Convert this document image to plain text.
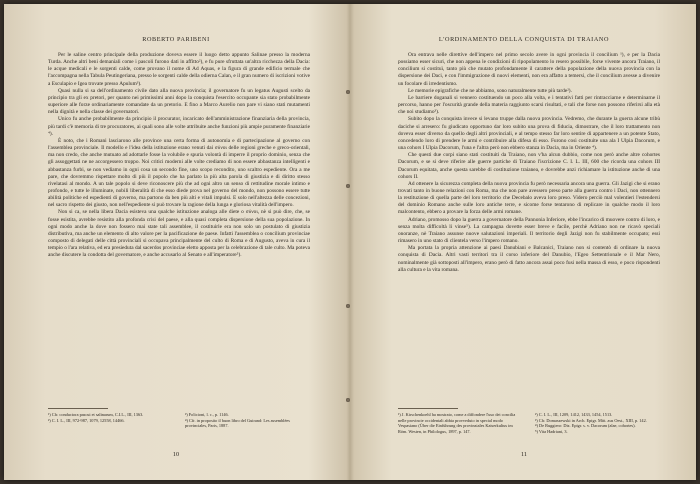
ROBERTO PARIBENI

Per le saline centro principale della produzione doveva essere il luogo detto appunto Salinae presso la moderna Turda. Anche altri beni demaniali come i pascoli furono dati in affitto²), e fu pure sfruttata un'altra ricchezza della Dacia: le acque medicali e le sorgenti calde, come provano il nome di Ad Aquas, e la figura di grande edificio termale che l'accompagna nella Tabula Peutingeriana, presso le sorgenti calde della odierna Calan, e il gran numero di iscrizioni votive a Esculapio e Igea trovate presso Apulum³).

Quasi nulla si sa dell'ordinamento civile dato alla nuova provincia; il governatore fu un legatus Augusti scelto da principio tra gli ex pretori, per quanto nei primissimi anni dopo la conquista l'esercito occupante sia stato probabilmente superiore alle forze ordinariamente comandate da un pretorio. E fino a Marco Aurelio non pare vi siano stati mutamenti nella dignità e nella classe dei governatori.

Unico fu anche probabilmente da principio il procurator, incaricato dell'amministrazione finanziaria della provincia, più tardi c'è memoria di tre procuratores, ai quali sono alle volte attribuite anche funzioni più ampie puramente finanziarie ⁴).

È noto, che i Romani lasciarono alle province una certa forma di autonomia e di partecipazione al governo con l'assemblea provinciale. Il modello e l'idea della istituzione erano venuti dai σύνοι delle regioni greche e greco-orientali, ma non credo, che anche mutuato ad adottarle fosse la volubile e spuria volontà di imperre il proprio dominio, senza che gli assoggettati ne ne accorgessero troppo. Noi critici moderni alle volte crediamo di non essere abbastanza intelligenti e abbastanza furbi, se non vediamo in ogni cosa un secondo fine, uno scopo recondito, uno scaltro espediente. Ora a me pare, che dovremmo rispettare molto di più il popolo che ha parlato la più alta parola di giustizia e di diritto stesso rivelatasi al mondo. A un tale popolo si deve riconoscere più che ad ogni altro un senso di rettitudine morale intimo e profondo, e tutte le illuminate, nobili liberalità di che esso diede prova nel governo del mondo, non possono essere tutte abilità politiche ed espedienti di governo, ma partono da ben più alti e vitali impulsi. E solo nell'altezza delle concezioni, nel sacro rispetto dei giusto, non nell'espediente si può trovare la ragione della lunga e gloriosa vitalità dell'impero.

Non si ca, se nella libera Dacia esisteva una qualche istituzione analoga alle diete o σύνοι, nè si può dire, che, se fosse esistita, avrebbe resistito alla profonda crisi del paese, e alla quasi completa dispersione della sua popolazione. In ogni modo anche la dove non fossero mai state tali assemblee, il costituirle era non solo un postulato di giustizia distributiva, ma anche un elemento di alto valore per la pacificazione de paese. Infatti l'assemblea o concilium provinciae composto di delegati delle città provinciali si occupava principalmente del culto di Roma e di Augusto, aveva in cura il tempio o l'ara relativa, ed era presieduta dal sacerdos provinciae eletto apposta per la celebrazione di tale culto. Ma poteva anche discutere la condotta del governatore, e anche accusarlo al Senato e all'imperatore⁵).

¹) Cfr. conductora pascui et salinarum, C.I.L., III, 1363.	³) Folicioni, l. c., p. 1146.
²) C. I. L., III, 972-987, 1079, 12558, 14466.	⁴) Cfr. in proposito il buon libro del Guirand: Les assemblées provinciales, Paris, 1887.
10
L'ORDINAMENTO DELLA CONQUISTA DI TRAIANO

Ora entrava nelle direttive dell'impero nel primo secolo avere in ogni provincia il concilium ¹), e per la Dacia possiamo esser sicuri, che non appena le condizioni di ripopolamento lo resero possibile, forse vivente ancora Traiano, il concilium si costituì, tanto più che mutato profondamente il carattere della popolazione della nuova provincia con la dispersione dei Daci, e con l'immigrazione di nuovi elementi, non era affatto a temersi, che il concilium avesse a divenire un focolare di irredentismo.

Le memorie epigrafiche che ne abbiamo, sono naturalmente tutte più tarde²).

Le barriere doganali si vennero costituendo un poco alla volta, e i tentativi fatti per rintracciarne e determinarne il percorso, hanno per l'oscurità grande della materia raggiunto scarsi risultati, e tali che forse non possono riferirsi alla età che noi studiamo³).

Subito dopo la conquista invece si levano truppe dalla nuova provincia. Vedremo, che durante la guerra alcune tribù daciche si arresero: fu giudicato opportuno dar loro subito una prova di fiducia, dimostrare, che il loro trattamento non doveva esser diverso da quello degli altri provinciali, e al tempo stesso far loro sentire di appartenere a un potente Stato, concedendo loro di prendere le armi e contribuire alla difesa di esso. Furono così costituite una ala I Ulpia Dacorum, e una cohors I Ulpia Dacorum, l'una e l'altra però non ebbero stanza in Dacia, ma in Oriente ⁴).

Che questi due corpi siano stati costituiti da Traiano, non v'ha alcun dubbio, come non però anche altre cohortes Dacorum, e se si deve riferire alle guerre partiche di Traiano l'iscrizione C. I. L. III, 600 che ricorda una cohors III Dacorum equitata, anche questa sarebbe di costituzione traianea, e dovrebbe anzi richiamare la istituzione anche di una cohors II.

Ad ottenere la sicurezza completa della nuova provincia fu però necessaria ancora una guerra. Gli Jazigi che si erano trovati tanto in buone relazioni con Roma, ma che non pare avessero preso parte alla guerra contro i Daci, non ottennero la restituzione di quella parte del loro territorio che Decebalo aveva loro preso. Videro perciò mal volentieri l'estendersi del dominio Romano anche sulle loro antiche terre, e sicome forse tentarono di replicare in qualche modo il loro malcontento, ebbero a provare la forza delle armi romane.

Adriano, promosso dopo la guerra a governatore della Pannonia Inferiore, ebbe l'incarico di muovere contro di loro, e senza molta difficoltà li vinse⁵). La campagna dovette esser breve e facile, perchè Adriano non ne ricavò speciali onoranze, nè Traiano assunse nuove salutazioni imperiali. Il territorio degli Jazigi non fu stabilmente occupato; essi rimasero in uno stato di clientela verso l'impero romano.

Ma portata la propria attenzione ai paesi Danubiani e Balcanici, Traiano non si contentò di ordinare la nuova conquista di Dacia. Altri vasti territori tra il corso inferiore del Danubio, l'Egeo Settentrionale e il Mar Nero, nominalmente già sottoposti all'impero, erano però di fatto ancora assai poco fusi nella massa di esso, e poco rispondenti alla cultura e la vita romana.

¹) J. Kirschenkoehl ha mostrato, come a diffondere l'uso dei concilia nelle provincie occidentali abbia provveduto in special modo Vespasiano (Über die Einführung des provinziales Kaiserkultus im Röm. Westen, in Philologus, 1897, p. 147.
²) C. I. L., III, 1209, 1412, 1433, 1454, 1513.
³) Cfr. Domaszewski in Arch. Epigr. Mitt. aus Oest., XIII, p. 142.
⁴) De Ruggiero: Diz. Epigr. s. v. Dacorum (alae, cohortes).
⁵) Vita Hadriani, 3.
11
